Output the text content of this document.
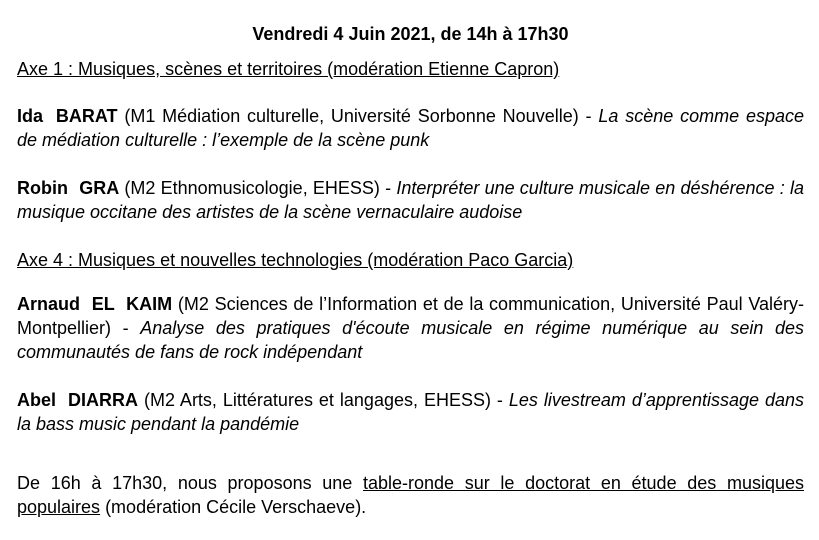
Vendredi 4 Juin 2021, de 14h à 17h30
Axe 1 : Musiques, scènes et territoires (modération Etienne Capron)
Ida BARAT (M1 Médiation culturelle, Université Sorbonne Nouvelle) - La scène comme espace de médiation culturelle : l’exemple de la scène punk
Robin GRA (M2 Ethnomusicologie, EHESS) - Interpréter une culture musicale en déshérence : la musique occitane des artistes de la scène vernaculaire audoise
Axe 4 : Musiques et nouvelles technologies (modération Paco Garcia)
Arnaud EL KAIM (M2 Sciences de l’Information et de la communication, Université Paul Valéry-Montpellier) - Analyse des pratiques d'écoute musicale en régime numérique au sein des communautés de fans de rock indépendant
Abel DIARRA (M2 Arts, Littératures et langages, EHESS) - Les livestream d’apprentissage dans la bass music pendant la pandémie
De 16h à 17h30, nous proposons une table-ronde sur le doctorat en étude des musiques populaires (modération Cécile Verschaeve).
